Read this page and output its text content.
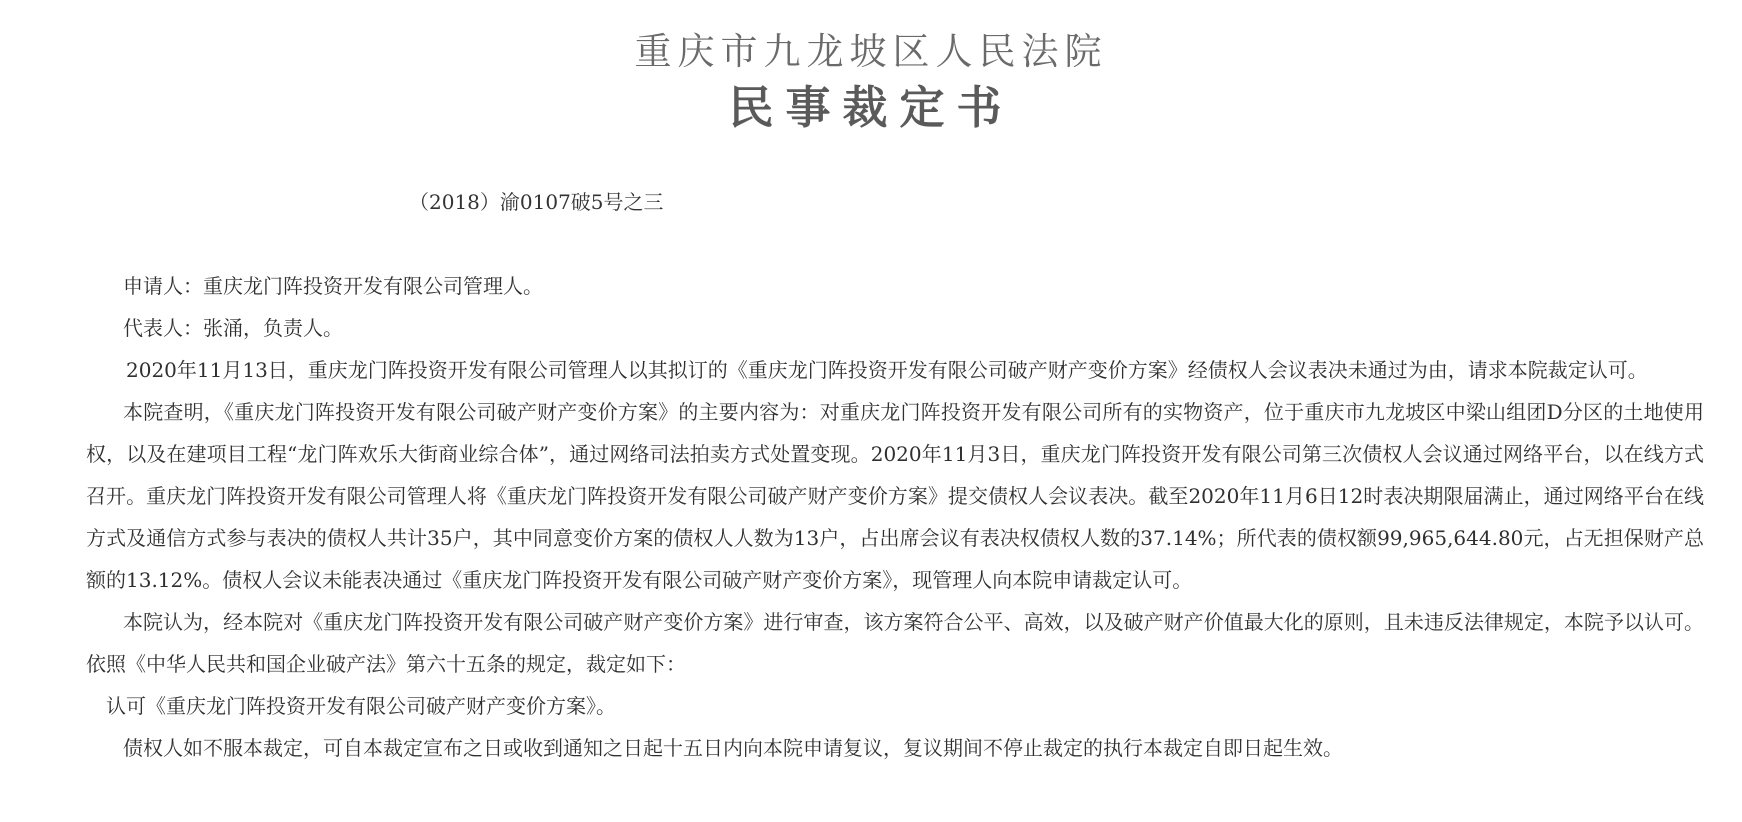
重庆市九龙坡区人民法院
民事裁定书
（2018）渝0107破5号之三

申请人：重庆龙门阵投资开发有限公司管理人。

代表人：张涌，负责人。

2020年11月13日，重庆龙门阵投资开发有限公司管理人以其拟订的《重庆龙门阵投资开发有限公司破产财产变价方案》经债权人会议表决未通过为由，请求本院裁定认可。

本院查明，《重庆龙门阵投资开发有限公司破产财产变价方案》的主要内容为：对重庆龙门阵投资开发有限公司所有的实物资产，位于重庆市九龙坡区中梁山组团D分区的土地使用权，以及在建项目工程“龙门阵欢乐大街商业综合体”，通过网络司法拍卖方式处置变现。2020年11月3日，重庆龙门阵投资开发有限公司第三次债权人会议通过网络平台，以在线方式召开。重庆龙门阵投资开发有限公司管理人将《重庆龙门阵投资开发有限公司破产财产变价方案》提交债权人会议表决。截至2020年11月6日12时表决期限届满止，通过网络平台在线方式及通信方式参与表决的债权人共计35户，其中同意变价方案的债权人人数为13户，占出席会议有表决权债权人数的37.14%；所代表的债权额99,965,644.80元，占无担保财产总额的13.12%。债权人会议未能表决通过《重庆龙门阵投资开发有限公司破产财产变价方案》，现管理人向本院申请裁定认可。

本院认为，经本院对《重庆龙门阵投资开发有限公司破产财产变价方案》进行审查，该方案符合公平、高效，以及破产财产价值最大化的原则，且未违反法律规定，本院予以认可。依照《中华人民共和国企业破产法》第六十五条的规定，裁定如下：

认可《重庆龙门阵投资开发有限公司破产财产变价方案》。

债权人如不服本裁定，可自本裁定宣布之日或收到通知之日起十五日内向本院申请复议，复议期间不停止裁定的执行本裁定自即日起生效。
